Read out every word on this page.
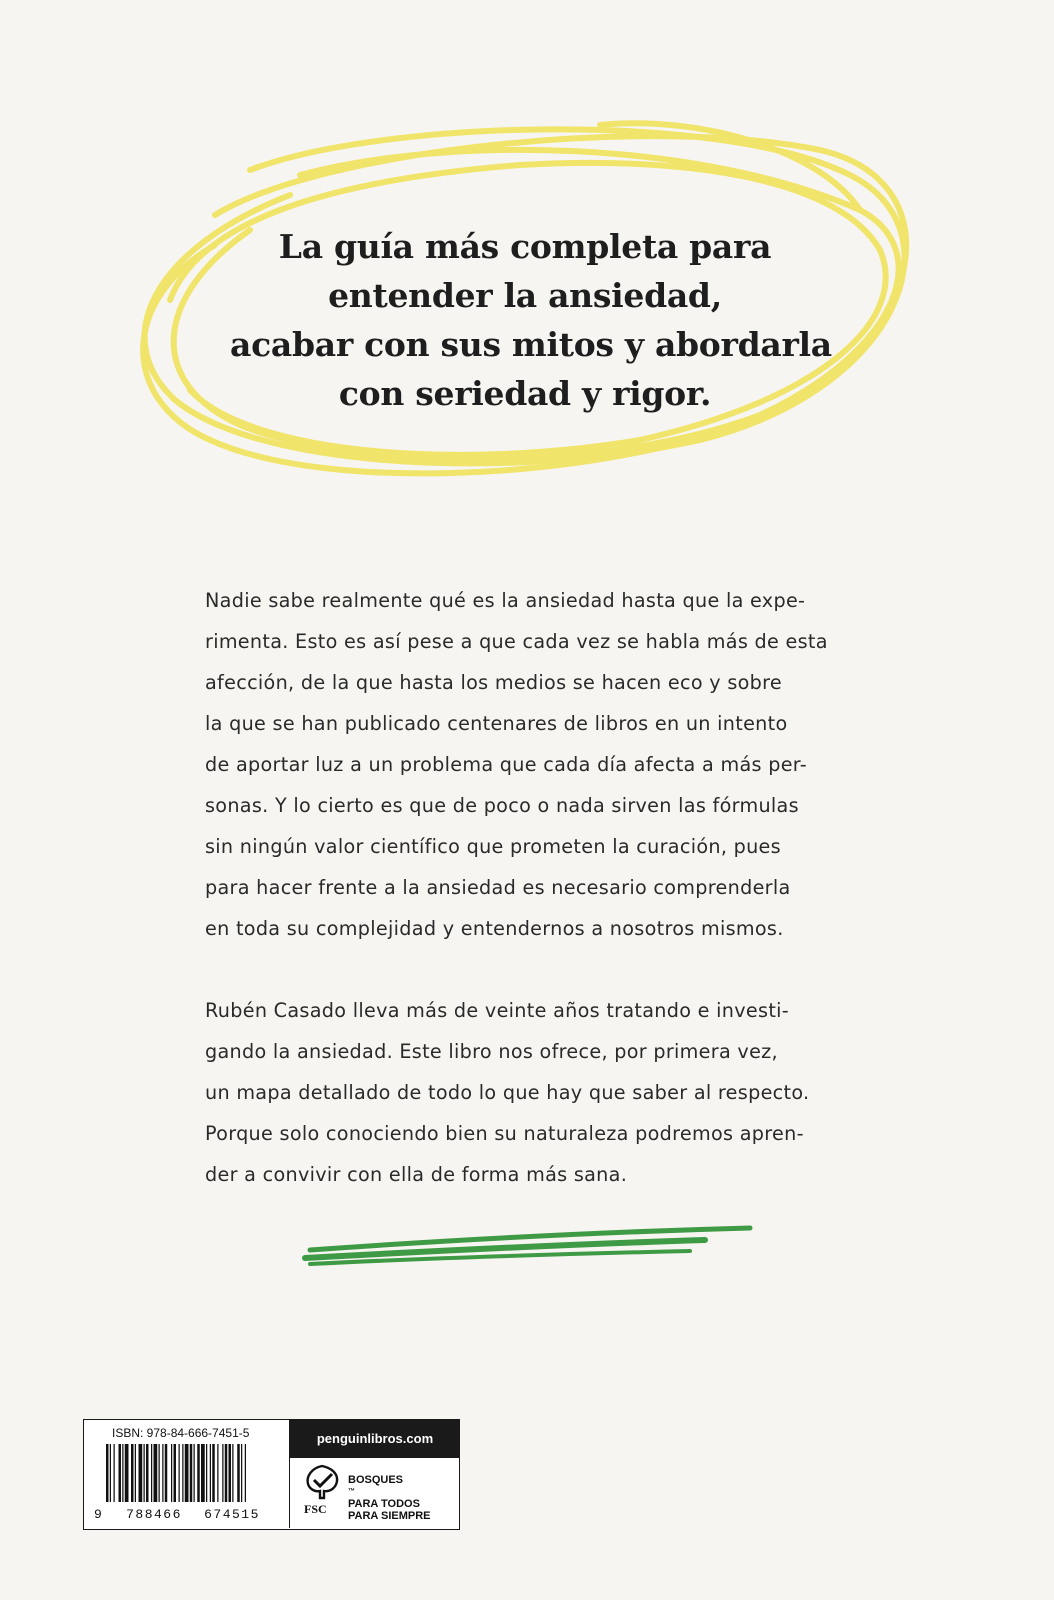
La guía más completa para
entender la ansiedad,
acabar con sus mitos y abordarla
con seriedad y rigor.
Nadie sabe realmente qué es la ansiedad hasta que la expe-
rimenta. Esto es así pese a que cada vez se habla más de esta
afección, de la que hasta los medios se hacen eco y sobre
la que se han publicado centenares de libros en un intento
de aportar luz a un problema que cada día afecta a más per-
sonas. Y lo cierto es que de poco o nada sirven las fórmulas
sin ningún valor científico que prometen la curación, pues
para hacer frente a la ansiedad es necesario comprenderla
en toda su complejidad y entendernos a nosotros mismos.
Rubén Casado lleva más de veinte años tratando e investi-
gando la ansiedad. Este libro nos ofrece, por primera vez,
un mapa detallado de todo lo que hay que saber al respecto.
Porque solo conociendo bien su naturaleza podremos apren-
der a convivir con ella de forma más sana.
ISBN: 978-84-666-7451-5
9 788466 674515
penguinlibros.com
FSC
BOSQUES
™
PARA TODOS
PARA SIEMPRE
